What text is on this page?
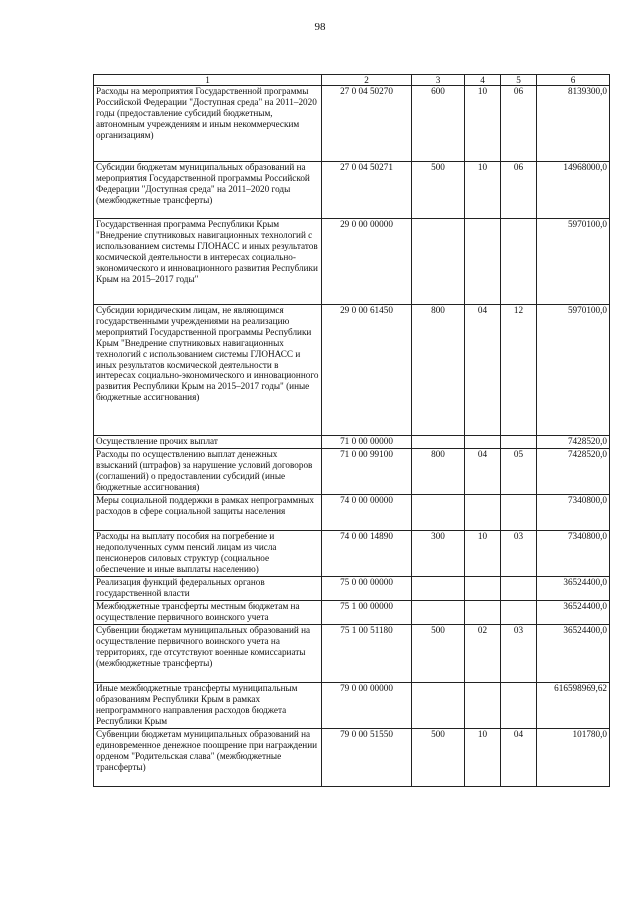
98
1	2	3	4	5	6
Расходы на мероприятия Государственной программы Российской Федерации "Доступная среда" на 2011–2020 годы (предоставление субсидий бюджетным, автономным учреждениям и иным некоммерческим организациям)	27 0 04 50270	600	10	06	8139300,0
Субсидии бюджетам муниципальных образований на мероприятия Государственной программы Российской Федерации "Доступная среда" на 2011–2020 годы (межбюджетные трансферты)	27 0 04 50271	500	10	06	14968000,0
Государственная программа Республики Крым "Внедрение спутниковых навигационных технологий с использованием системы ГЛОНАСС и иных результатов космической деятельности в интересах социально-экономического и инновационного развития Республики Крым на 2015–2017 годы"	29 0 00 00000				5970100,0
Субсидии юридическим лицам, не являющимся государственными учреждениями на реализацию мероприятий Государственной программы Республики Крым "Внедрение спутниковых навигационных технологий с использованием системы ГЛОНАСС и иных результатов космической деятельности в интересах социально-экономического и инновационного развития Республики Крым на 2015–2017 годы" (иные бюджетные ассигнования)	29 0 00 61450	800	04	12	5970100,0
Осуществление прочих выплат	71 0 00 00000				7428520,0
Расходы по осуществлению выплат денежных взысканий (штрафов) за нарушение условий договоров (соглашений) о предоставлении субсидий (иные бюджетные ассигнования)	71 0 00 99100	800	04	05	7428520,0
Меры социальной поддержки в рамках непрограммных расходов в сфере социальной защиты населения	74 0 00 00000				7340800,0
Расходы на выплату пособия на погребение и недополученных сумм пенсий лицам из числа пенсионеров силовых структур (социальное обеспечение и иные выплаты населению)	74 0 00 14890	300	10	03	7340800,0
Реализация функций федеральных органов государственной власти	75 0 00 00000				36524400,0
Межбюджетные трансферты местным бюджетам на осуществление первичного воинского учета	75 1 00 00000				36524400,0
Субвенции бюджетам муниципальных образований на осуществление первичного воинского учета на территориях, где отсутствуют военные комиссариаты (межбюджетные трансферты)	75 1 00 51180	500	02	03	36524400,0
Иные межбюджетные трансферты муниципальным образованиям Республики Крым в рамках непрограммного направления расходов бюджета Республики Крым	79 0 00 00000				616598969,62
Субвенции бюджетам муниципальных образований на единовременное денежное поощрение при награждении орденом "Родительская слава" (межбюджетные трансферты)	79 0 00 51550	500	10	04	101780,0
